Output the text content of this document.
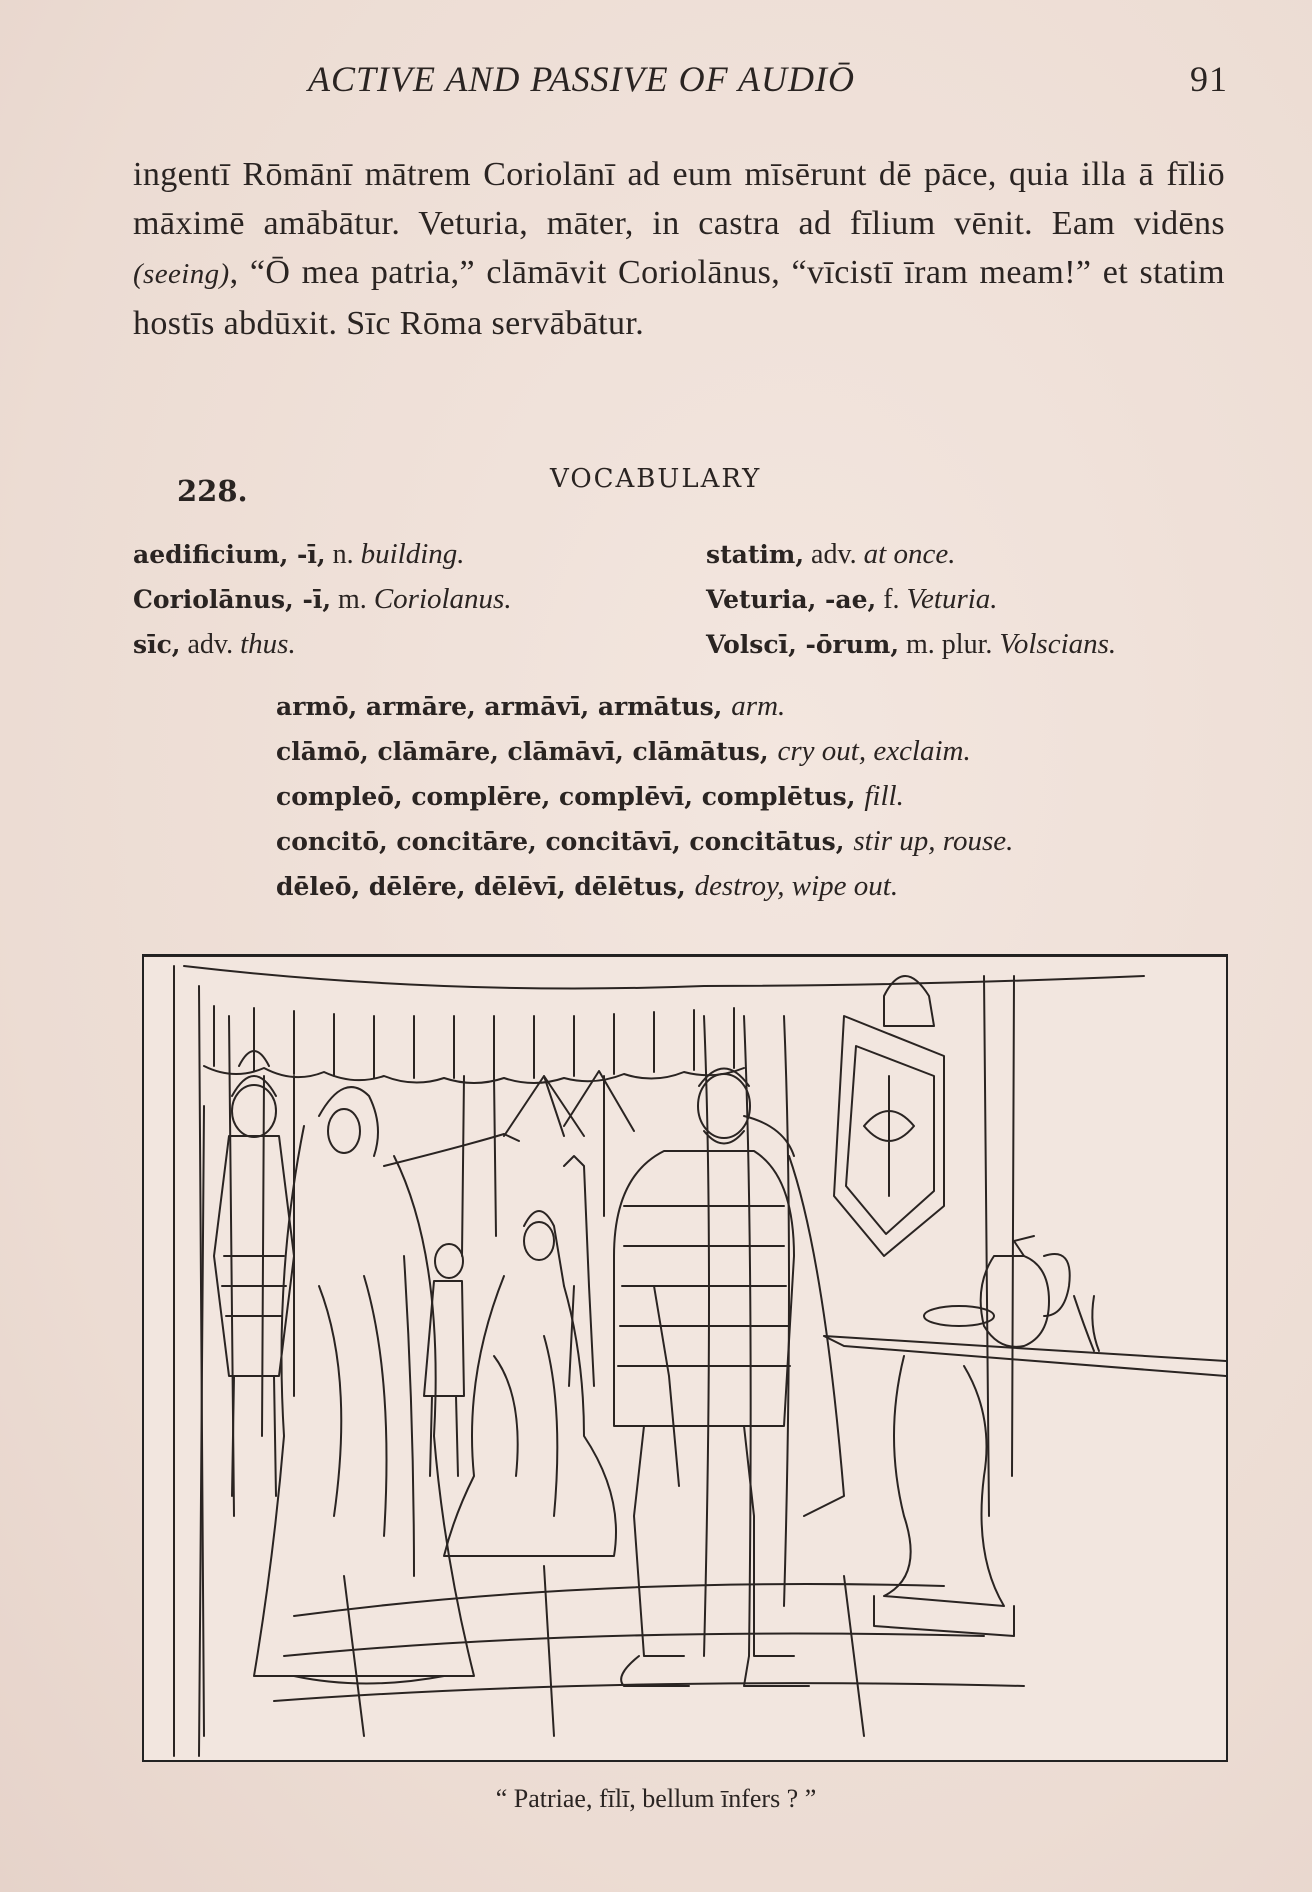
ACTIVE AND PASSIVE OF AUDIŌ	91
ingentī Rōmānī mātrem Coriolānī ad eum mīsērunt dē pāce, quia illa ā fīliō māximē amābātur. Veturia, māter, in castra ad fīlium vēnit. Eam vidēns (seeing), “Ō mea patria,” clāmāvit Coriolānus, “vīcistī īram meam!” et statim hostīs abdūxit. Sīc Rōma servābātur.
228.	VOCABULARY
aedificium, -ī, n. building.
Coriolānus, -ī, m. Coriolanus.
sīc, adv. thus.
statim, adv. at once.
Veturia, -ae, f. Veturia.
Volscī, -ōrum, m. plur. Volscians.
armō, armāre, armāvī, armātus, arm.
clāmō, clāmāre, clāmāvī, clāmātus, cry out, exclaim.
compleō, complēre, complēvī, complētus, fill.
concitō, concitāre, concitāvī, concitātus, stir up, rouse.
dēleō, dēlēre, dēlēvī, dēlētus, destroy, wipe out.
“ Patriae, fīlī, bellum īnfers ? ”
